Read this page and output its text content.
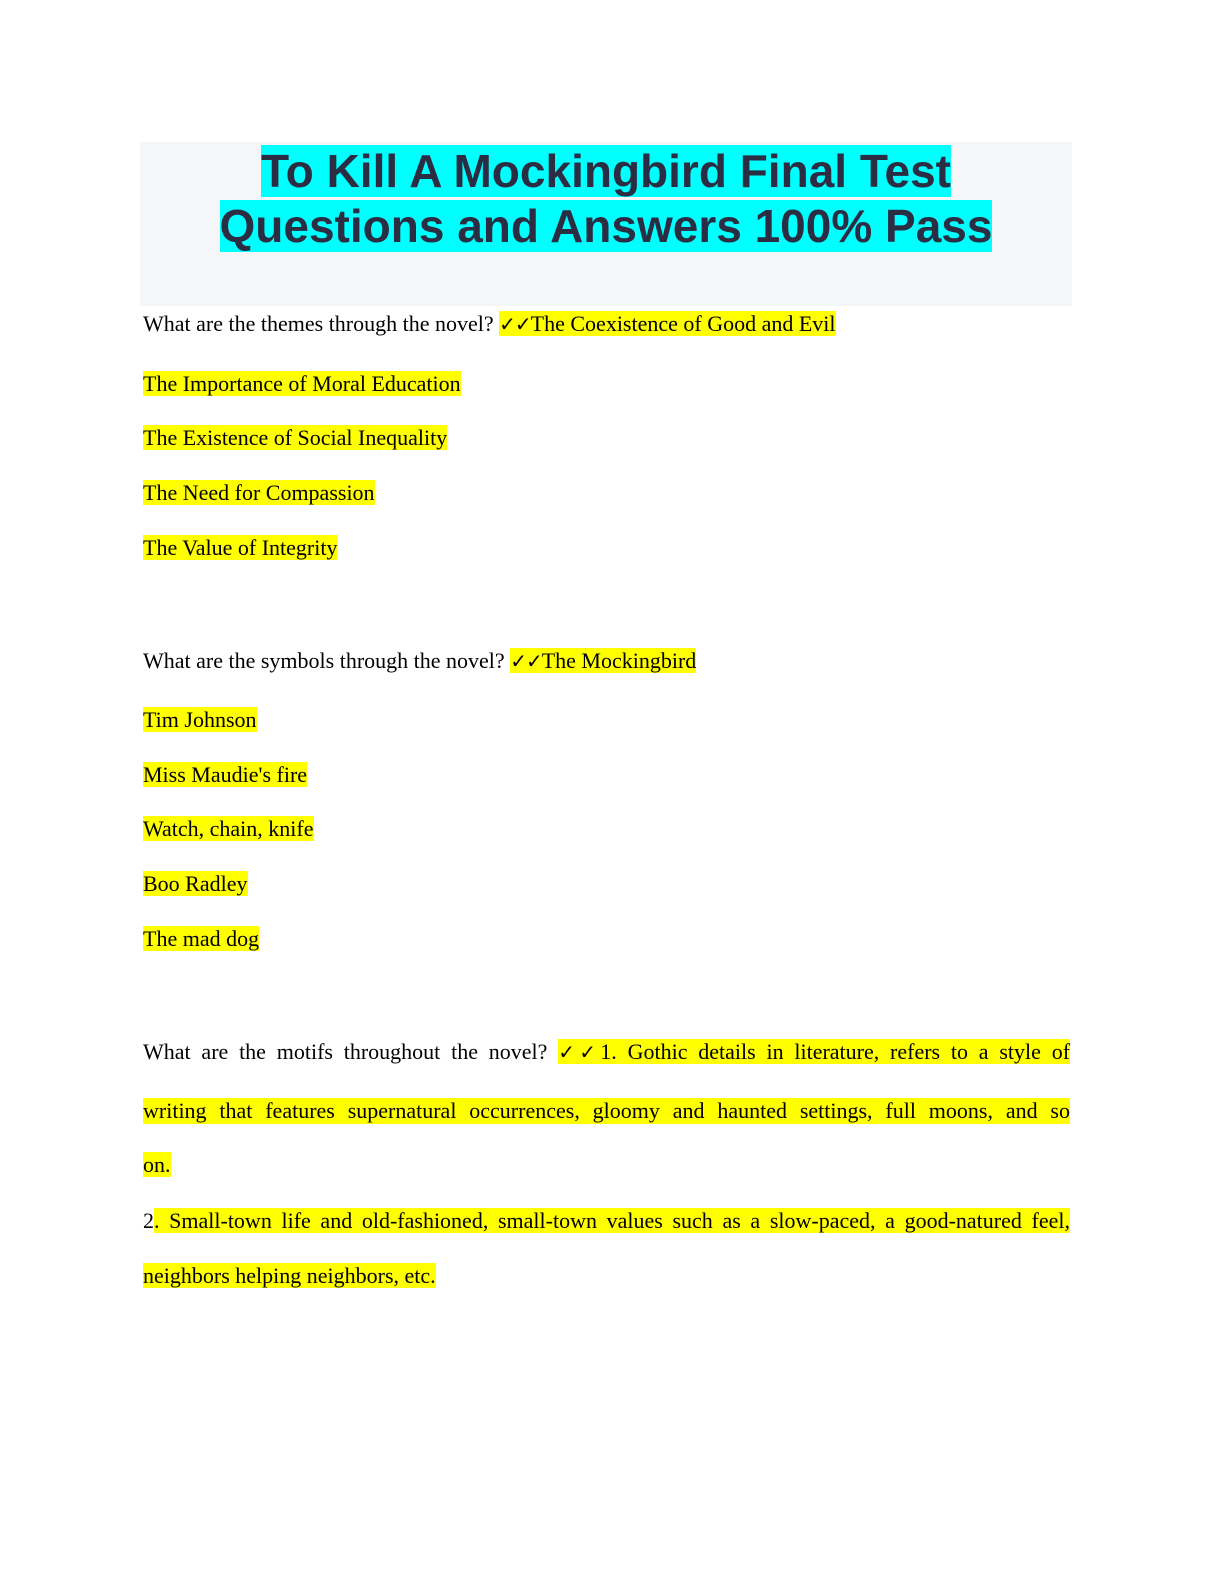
To Kill A Mockingbird Final Test
Questions and Answers 100% Pass

What are the themes through the novel? ✓✓The Coexistence of Good and Evil

The Importance of Moral Education

The Existence of Social Inequality

The Need for Compassion

The Value of Integrity

What are the symbols through the novel? ✓✓The Mockingbird

Tim Johnson

Miss Maudie's fire

Watch, chain, knife

Boo Radley

The mad dog

What are the motifs throughout the novel? ✓✓1. Gothic details in literature, refers to a style of

writing that features supernatural occurrences, gloomy and haunted settings, full moons, and so

on.

2. Small-town life and old-fashioned, small-town values such as a slow-paced, a good-natured feel,

neighbors helping neighbors, etc.
